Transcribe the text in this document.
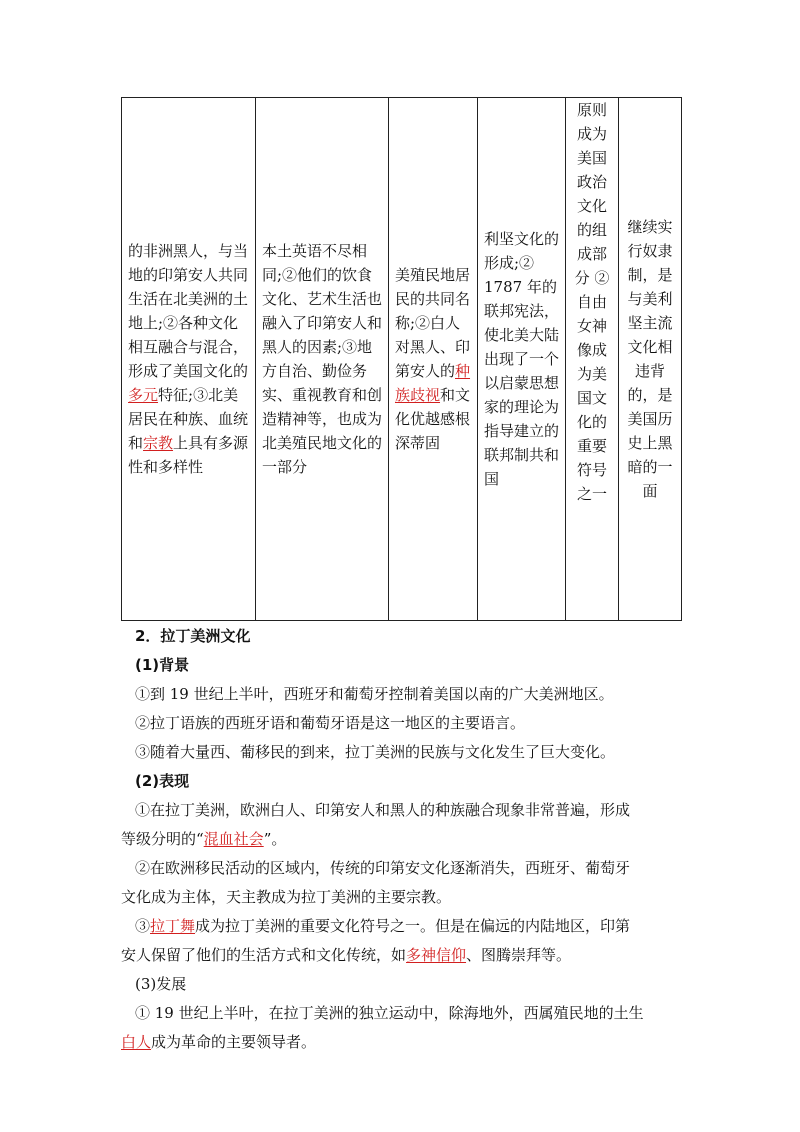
的非洲黑人，与当地的印第安人共同生活在北美洲的土地上;②各种文化相互融合与混合，形成了美国文化的多元特征;③北美居民在种族、血统和宗教上具有多源性和多样性	本土英语不尽相同;②他们的饮食文化、艺术生活也融入了印第安人和黑人的因素;③地方自治、勤俭务实、重视教育和创造精神等，也成为北美殖民地文化的一部分	美殖民地居民的共同名称;②白人对黑人、印第安人的种族歧视和文化优越感根深蒂固	利坚文化的形成;② 1787 年的联邦宪法，使北美大陆出现了一个以启蒙思想家的理论为指导建立的联邦制共和国	原则成为美国政治文化的组成部分 ②自由女神像成为美国文化的重要符号之一	继续实行奴隶制，是与美利坚主流文化相违背的，是美国历史上黑暗的一面
2．拉丁美洲文化
(1)背景
①到 19 世纪上半叶，西班牙和葡萄牙控制着美国以南的广大美洲地区。
②拉丁语族的西班牙语和葡萄牙语是这一地区的主要语言。
③随着大量西、葡移民的到来，拉丁美洲的民族与文化发生了巨大变化。
(2)表现
①在拉丁美洲，欧洲白人、印第安人和黑人的种族融合现象非常普遍，形成
等级分明的“混血社会”。
②在欧洲移民活动的区域内，传统的印第安文化逐渐消失，西班牙、葡萄牙
文化成为主体，天主教成为拉丁美洲的主要宗教。
③拉丁舞成为拉丁美洲的重要文化符号之一。但是在偏远的内陆地区，印第
安人保留了他们的生活方式和文化传统，如多神信仰、图腾崇拜等。
(3)发展
① 19 世纪上半叶，在拉丁美洲的独立运动中，除海地外，西属殖民地的土生
白人成为革命的主要领导者。
